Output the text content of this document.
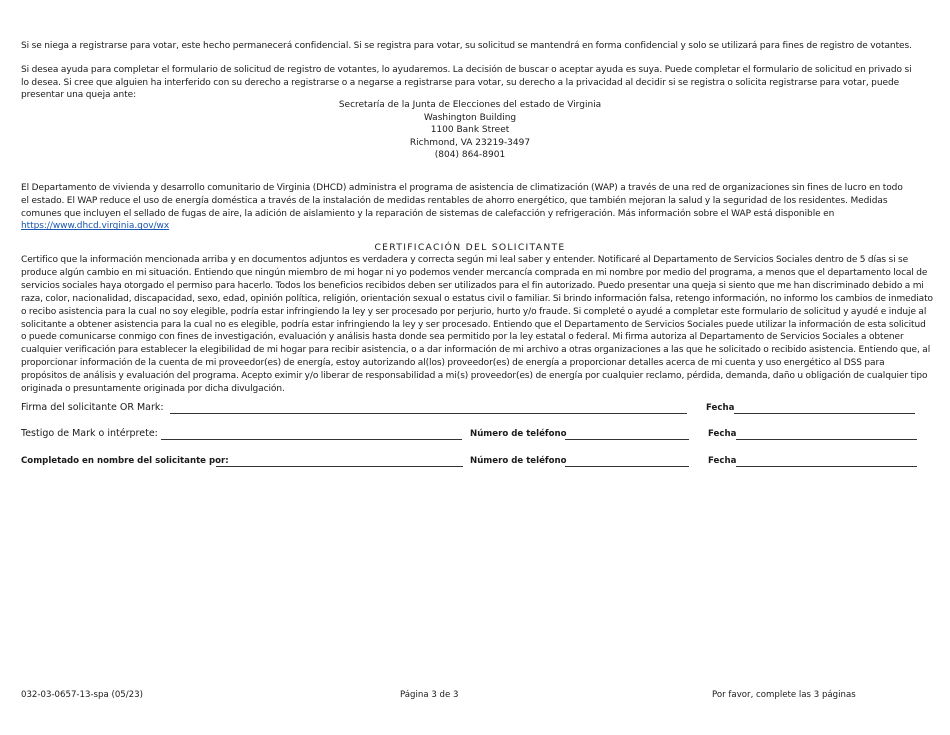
Si se niega a registrarse para votar, este hecho permanecerá confidencial. Si se registra para votar, su solicitud se mantendrá en forma confidencial y solo se utilizará para fines de registro de votantes.

Si desea ayuda para completar el formulario de solicitud de registro de votantes, lo ayudaremos. La decisión de buscar o aceptar ayuda es suya. Puede completar el formulario de solicitud en privado si lo desea. Si cree que alguien ha interferido con su derecho a registrarse o a negarse a registrarse para votar, su derecho a la privacidad al decidir si se registra o solicita registrarse para votar, puede presentar una queja ante:

Secretaría de la Junta de Elecciones del estado de Virginia
Washington Building
1100 Bank Street
Richmond, VA 23219-3497
(804) 864-8901

El Departamento de vivienda y desarrollo comunitario de Virginia (DHCD) administra el programa de asistencia de climatización (WAP) a través de una red de organizaciones sin fines de lucro en todo el estado. El WAP reduce el uso de energía doméstica a través de la instalación de medidas rentables de ahorro energético, que también mejoran la salud y la seguridad de los residentes. Medidas comunes que incluyen el sellado de fugas de aire, la adición de aislamiento y la reparación de sistemas de calefacción y refrigeración. Más información sobre el WAP está disponible en https://www.dhcd.virginia.gov/wx

CERTIFICACIÓN DEL SOLICITANTE

Certifico que la información mencionada arriba y en documentos adjuntos es verdadera y correcta según mi leal saber y entender. Notificaré al Departamento de Servicios Sociales dentro de 5 días si se produce algún cambio en mi situación. Entiendo que ningún miembro de mi hogar ni yo podemos vender mercancía comprada en mi nombre por medio del programa, a menos que el departamento local de servicios sociales haya otorgado el permiso para hacerlo. Todos los beneficios recibidos deben ser utilizados para el fin autorizado. Puedo presentar una queja si siento que me han discriminado debido a mi raza, color, nacionalidad, discapacidad, sexo, edad, opinión política, religión, orientación sexual o estatus civil o familiar. Si brindo información falsa, retengo información, no informo los cambios de inmediato o recibo asistencia para la cual no soy elegible, podría estar infringiendo la ley y ser procesado por perjurio, hurto y/o fraude. Si completé o ayudé a completar este formulario de solicitud y ayudé e induje al solicitante a obtener asistencia para la cual no es elegible, podría estar infringiendo la ley y ser procesado. Entiendo que el Departamento de Servicios Sociales puede utilizar la información de esta solicitud o puede comunicarse conmigo con fines de investigación, evaluación y análisis hasta donde sea permitido por la ley estatal o federal. Mi firma autoriza al Departamento de Servicios Sociales a obtener cualquier verificación para establecer la elegibilidad de mi hogar para recibir asistencia, o a dar información de mi archivo a otras organizaciones a las que he solicitado o recibido asistencia. Entiendo que, al proporcionar información de la cuenta de mi proveedor(es) de energía, estoy autorizando al(los) proveedor(es) de energía a proporcionar detalles acerca de mi cuenta y uso energético al DSS para propósitos de análisis y evaluación del programa. Acepto eximir y/o liberar de responsabilidad a mi(s) proveedor(es) de energía por cualquier reclamo, pérdida, demanda, daño u obligación de cualquier tipo originada o presuntamente originada por dicha divulgación.

Firma del solicitante OR Mark:	Fecha
Testigo de Mark o intérprete:	Número de teléfono	Fecha
Completado en nombre del solicitante por:	Número de teléfono	Fecha
032-03-0657-13-spa (05/23)	Página 3 de 3	Por favor, complete las 3 páginas
